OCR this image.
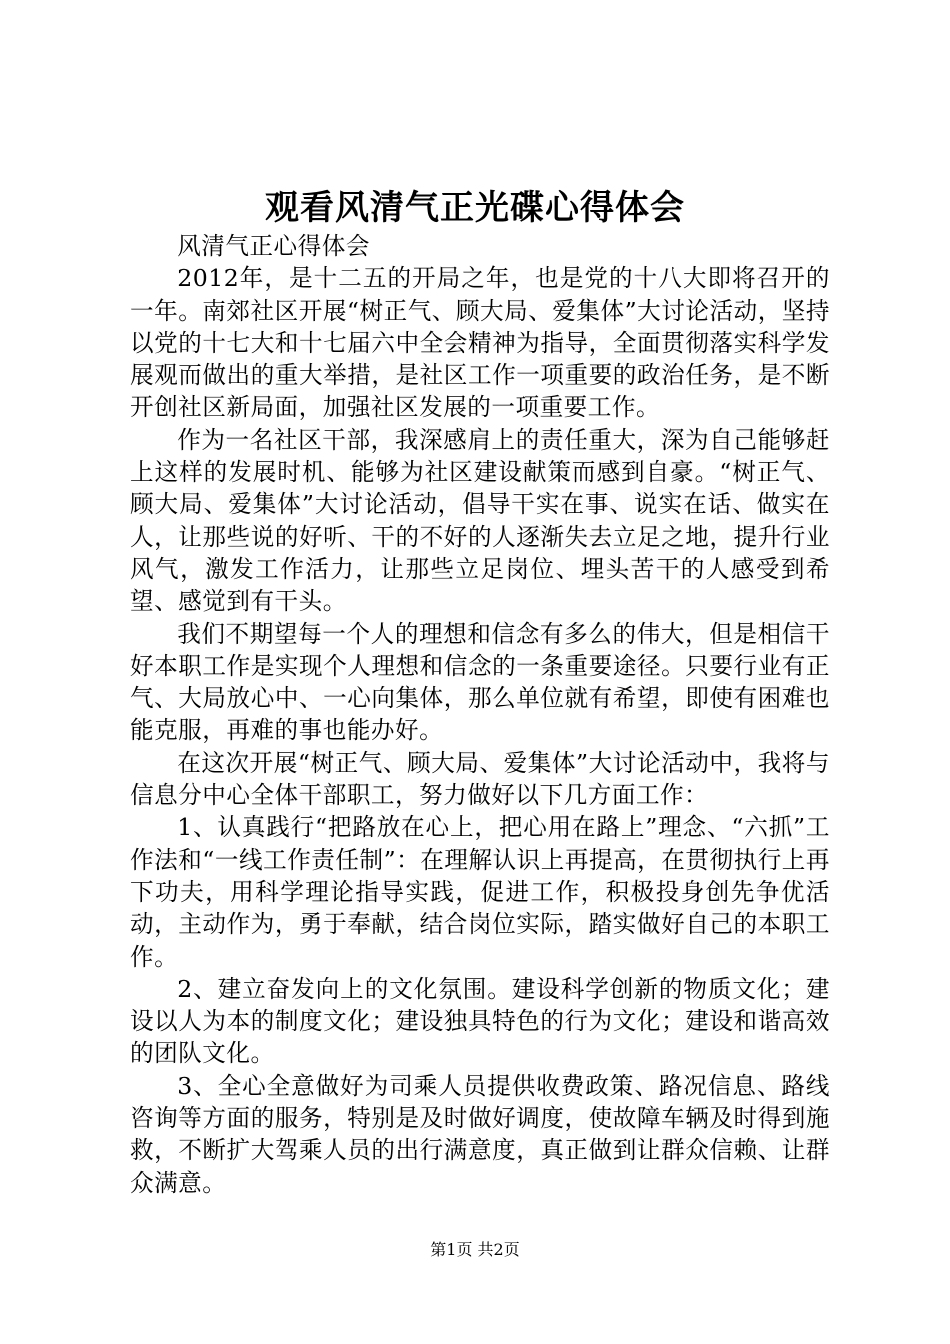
观看风清气正光碟心得体会

风清气正心得体会

2012年，是十二五的开局之年，也是党的十八大即将召开的一年。南郊社区开展“树正气、顾大局、爱集体”大讨论活动，坚持以党的十七大和十七届六中全会精神为指导，全面贯彻落实科学发展观而做出的重大举措，是社区工作一项重要的政治任务，是不断开创社区新局面，加强社区发展的一项重要工作。

作为一名社区干部，我深感肩上的责任重大，深为自己能够赶上这样的发展时机、能够为社区建设献策而感到自豪。“树正气、顾大局、爱集体”大讨论活动，倡导干实在事、说实在话、做实在人，让那些说的好听、干的不好的人逐渐失去立足之地，提升行业风气，激发工作活力，让那些立足岗位、埋头苦干的人感受到希望、感觉到有干头。

我们不期望每一个人的理想和信念有多么的伟大，但是相信干好本职工作是实现个人理想和信念的一条重要途径。只要行业有正气、大局放心中、一心向集体，那么单位就有希望，即使有困难也能克服，再难的事也能办好。

在这次开展“树正气、顾大局、爱集体”大讨论活动中，我将与信息分中心全体干部职工，努力做好以下几方面工作：

1、认真践行“把路放在心上，把心用在路上”理念、“六抓”工作法和“一线工作责任制”：在理解认识上再提高，在贯彻执行上再下功夫，用科学理论指导实践，促进工作，积极投身创先争优活动，主动作为，勇于奉献，结合岗位实际，踏实做好自己的本职工作。

2、建立奋发向上的文化氛围。建设科学创新的物质文化；建设以人为本的制度文化；建设独具特色的行为文化；建设和谐高效的团队文化。

3、全心全意做好为司乘人员提供收费政策、路况信息、路线咨询等方面的服务，特别是及时做好调度，使故障车辆及时得到施救，不断扩大驾乘人员的出行满意度，真正做到让群众信赖、让群众满意。

第1页 共2页
